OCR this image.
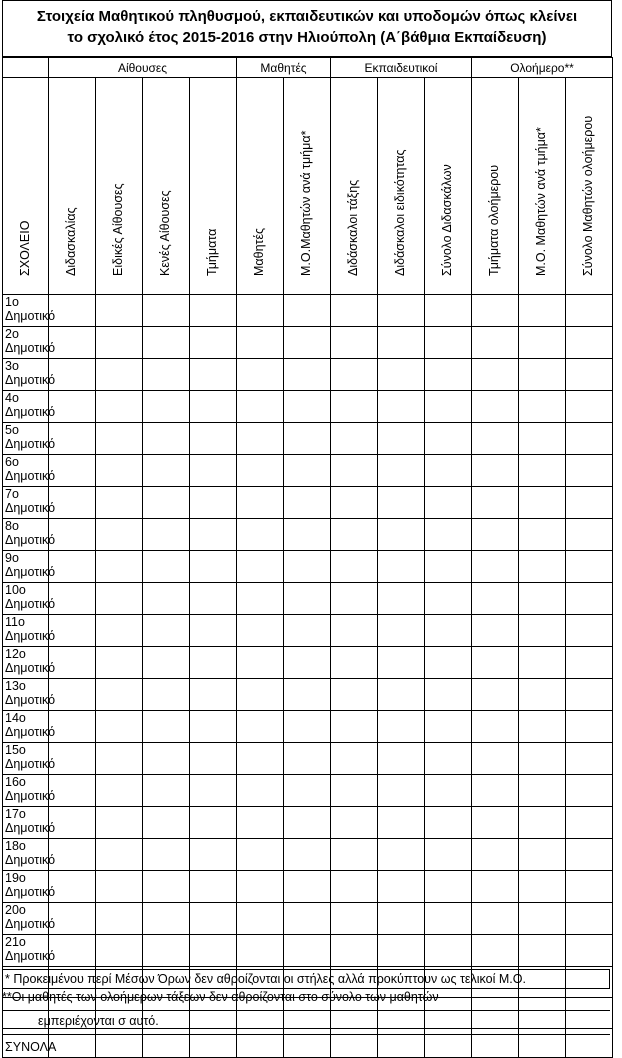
Στοιχεία Μαθητικού πληθυσμού, εκπαιδευτικών και υποδομών όπως κλείνει
το σχολικό έτος 2015-2016 στην Ηλιούπολη (Α΄βάθμια Εκπαίδευση)
	Αίθουσες				Μαθητές		Εκπαιδευτικοί			Ολοήμερο**		

ΣΧΟΛΕΙΟ	Διδασκαλίας	Ειδικές Αίθουσες	Κενές Αίθουσες	Τμήματα	Μαθητές	Μ.Ο.Μαθητών ανά τμήμα*	Διδάσκαλοι τάξης	Διδάσκαλοι ειδικότητας	Σύνολο Διδασκάλων	Τμήματα ολοήμερου	Μ.Ο. Μαθητών ανά τμήμα*	Σύνολο Μαθητών ολοήμερου

1ο Δημοτικό												
2ο Δημοτικό												
3ο Δημοτικό												
4ο Δημοτικό												
5ο Δημοτικό												
6ο Δημοτικό												
7ο Δημοτικό												
8ο Δημοτικό												
9ο Δημοτικό												
10ο Δημοτικό												
11ο Δημοτικό												
12ο Δημοτικό												
13ο Δημοτικό												
14ο Δημοτικό												
15ο Δημοτικό												
16ο Δημοτικό												
17ο Δημοτικό												
18ο Δημοτικό												
19ο Δημοτικό												
20ο Δημοτικό												
21ο Δημοτικό												

ΣΥΝΟΛΑ												
* Προκειμένου περί Μέσων Όρων δεν αθροίζονται οι στήλες αλλά προκύπτουν ως τελικοί Μ.Ο.
**Οι μαθητές των ολοήμερων τάξεων δεν αθροίζονται στο σύνολο των μαθητών
εμπεριέχονται σ αυτό.
